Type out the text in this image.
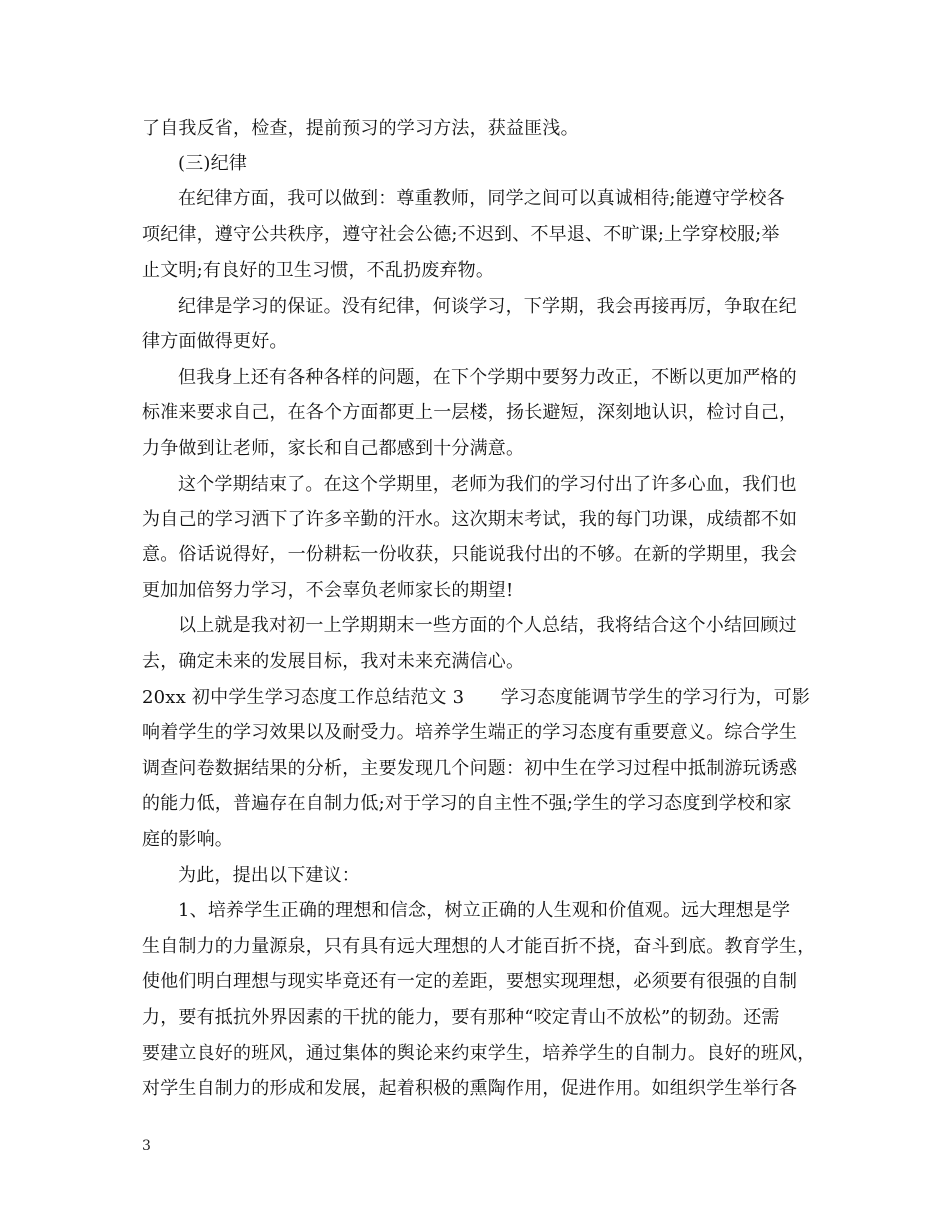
了自我反省，检查，提前预习的学习方法，获益匪浅。
(三)纪律
在纪律方面，我可以做到：尊重教师，同学之间可以真诚相待;能遵守学校各
项纪律，遵守公共秩序，遵守社会公德;不迟到、不早退、不旷课;上学穿校服;举
止文明;有良好的卫生习惯，不乱扔废弃物。
纪律是学习的保证。没有纪律，何谈学习，下学期，我会再接再厉，争取在纪
律方面做得更好。
但我身上还有各种各样的问题，在下个学期中要努力改正，不断以更加严格的
标准来要求自己，在各个方面都更上一层楼，扬长避短，深刻地认识，检讨自己，
力争做到让老师，家长和自己都感到十分满意。
这个学期结束了。在这个学期里，老师为我们的学习付出了许多心血，我们也
为自己的学习洒下了许多辛勤的汗水。这次期末考试，我的每门功课，成绩都不如
意。俗话说得好，一份耕耘一份收获，只能说我付出的不够。在新的学期里，我会
更加加倍努力学习，不会辜负老师家长的期望!
以上就是我对初一上学期期末一些方面的个人总结，我将结合这个小结回顾过
去，确定未来的发展目标，我对未来充满信心。
20xx 初中学生学习态度工作总结范文 3　　学习态度能调节学生的学习行为，可影
响着学生的学习效果以及耐受力。培养学生端正的学习态度有重要意义。综合学生
调查问卷数据结果的分析，主要发现几个问题：初中生在学习过程中抵制游玩诱惑
的能力低，普遍存在自制力低;对于学习的自主性不强;学生的学习态度到学校和家
庭的影响。
为此，提出以下建议：
1、培养学生正确的理想和信念，树立正确的人生观和价值观。远大理想是学
生自制力的力量源泉，只有具有远大理想的人才能百折不挠，奋斗到底。教育学生，
使他们明白理想与现实毕竟还有一定的差距，要想实现理想，必须要有很强的自制
力，要有抵抗外界因素的干扰的能力，要有那种“咬定青山不放松”的韧劲。还需
要建立良好的班风，通过集体的舆论来约束学生，培养学生的自制力。良好的班风，
对学生自制力的形成和发展，起着积极的熏陶作用，促进作用。如组织学生举行各
3
